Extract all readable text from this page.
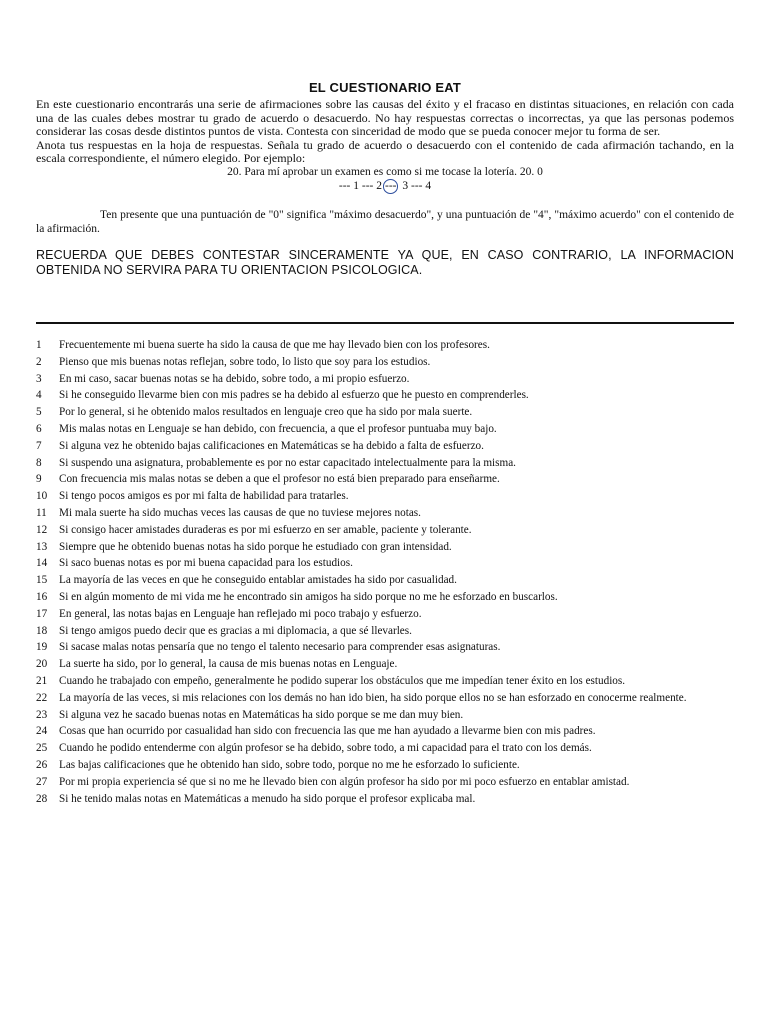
EL CUESTIONARIO EAT

En este cuestionario encontrarás una serie de afirmaciones sobre las causas del éxito y el fracaso en distintas situaciones, en relación con cada una de las cuales debes mostrar tu grado de acuerdo o desacuerdo. No hay respuestas correctas o incorrectas, ya que las personas podemos considerar las cosas desde distintos puntos de vista. Contesta con sinceridad de modo que se pueda conocer mejor tu forma de ser.

Anota tus respuestas en la hoja de respuestas. Señala tu grado de acuerdo o desacuerdo con el contenido de cada afirmación tachando, en la escala correspondiente, el número elegido. Por ejemplo:

20. Para mí aprobar un examen es como si me tocase la lotería. 20. 0

--- 1 --- 2 --- 3 --- 4

Ten presente que una puntuación de "0" significa "máximo desacuerdo", y una puntuación de "4", "máximo acuerdo" con el contenido de la afirmación.

RECUERDA QUE DEBES CONTESTAR SINCERAMENTE YA QUE, EN CASO CONTRARIO, LA INFORMACION OBTENIDA NO SERVIRA PARA TU ORIENTACION PSICOLOGICA.

1	Frecuentemente mi buena suerte ha sido la causa de que me hay llevado bien con los profesores.
2	Pienso que mis buenas notas reflejan, sobre todo, lo listo que soy para los estudios.
3	En mi caso, sacar buenas notas se ha debido, sobre todo, a mi propio esfuerzo.
4	Si he conseguido llevarme bien con mis padres se ha debido al esfuerzo que he puesto en comprenderles.
5	Por lo general, si he obtenido malos resultados en lenguaje creo que ha sido por mala suerte.
6	Mis malas notas en Lenguaje se han debido, con frecuencia, a que el profesor puntuaba muy bajo.
7	Si alguna vez he obtenido bajas calificaciones en Matemáticas se ha debido a falta de esfuerzo.
8	Si suspendo una asignatura, probablemente es por no estar capacitado intelectualmente para la misma.
9	Con frecuencia mis malas notas se deben a que el profesor no está bien preparado para enseñarme.
10	Si tengo pocos amigos es por mi falta de habilidad para tratarles.
11	Mi mala suerte ha sido muchas veces las causas de que no tuviese mejores notas.
12	Si consigo hacer amistades duraderas es por mi esfuerzo en ser amable, paciente y tolerante.
13	Siempre que he obtenido buenas notas ha sido porque he estudiado con gran intensidad.
14	Si saco buenas notas es por mi buena capacidad para los estudios.
15	La mayoría de las veces en que he conseguido entablar amistades ha sido por casualidad.
16	Si en algún momento de mi vida me he encontrado sin amigos ha sido porque no me he esforzado en buscarlos.
17	En general, las notas bajas en Lenguaje han reflejado mi poco trabajo y esfuerzo.
18	Si tengo amigos puedo decir que es gracias a mi diplomacia, a que sé llevarles.
19	Si sacase malas notas pensaría que no tengo el talento necesario para comprender esas asignaturas.
20	La suerte ha sido, por lo general, la causa de mis buenas notas en Lenguaje.
21	Cuando he trabajado con empeño, generalmente he podido superar los obstáculos que me impedían tener éxito en los estudios.
22	La mayoría de las veces, si mis relaciones con los demás no han ido bien, ha sido porque ellos no se han esforzado en conocerme realmente.
23	Si alguna vez he sacado buenas notas en Matemáticas ha sido porque se me dan muy bien.
24	Cosas que han ocurrido por casualidad han sido con frecuencia las que me han ayudado a llevarme bien con mis padres.
25	Cuando he podido entenderme con algún profesor se ha debido, sobre todo, a mi capacidad para el trato con los demás.
26	Las bajas calificaciones que he obtenido han sido, sobre todo, porque no me he esforzado lo suficiente.
27	Por mi propia experiencia sé que si no me he llevado bien con algún profesor ha sido por mi poco esfuerzo en entablar amistad.
28	Si he tenido malas notas en Matemáticas a menudo ha sido porque el profesor explicaba mal.
